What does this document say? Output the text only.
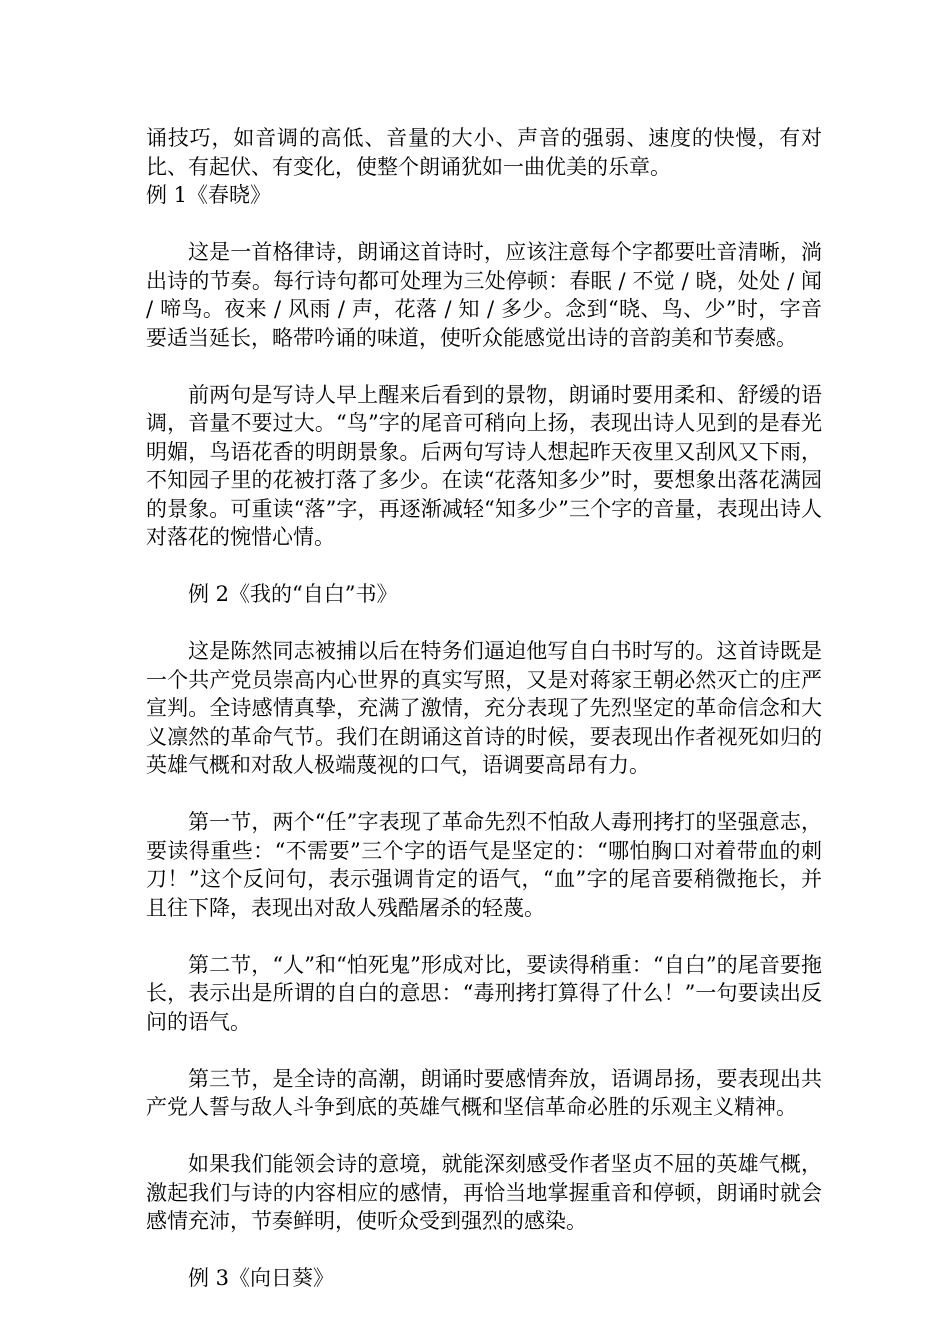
诵技巧，如音调的高低、音量的大小、声音的强弱、速度的快慢，有对比、有起伏、有变化，使整个朗诵犹如一曲优美的乐章。

例 1《春晓》

这是一首格律诗，朗诵这首诗时，应该注意每个字都要吐音清晰，淌出诗的节奏。每行诗句都可处理为三处停顿：春眠 / 不觉 / 晓，处处 / 闻 / 啼鸟。夜来 / 风雨 / 声，花落 / 知 / 多少。念到“晓、鸟、少”时，字音要适当延长，略带吟诵的味道，使听众能感觉出诗的音韵美和节奏感。

前两句是写诗人早上醒来后看到的景物，朗诵时要用柔和、舒缓的语调，音量不要过大。“鸟”字的尾音可稍向上扬，表现出诗人见到的是春光明媚，鸟语花香的明朗景象。后两句写诗人想起昨天夜里又刮风又下雨，不知园子里的花被打落了多少。在读“花落知多少”时，要想象出落花满园的景象。可重读“落”字，再逐渐减轻“知多少”三个字的音量，表现出诗人对落花的惋惜心情。

例 2《我的“自白”书》

这是陈然同志被捕以后在特务们逼迫他写自白书时写的。这首诗既是一个共产党员崇高内心世界的真实写照，又是对蒋家王朝必然灭亡的庄严宣判。全诗感情真挚，充满了激情，充分表现了先烈坚定的革命信念和大义凛然的革命气节。我们在朗诵这首诗的时候，要表现出作者视死如归的英雄气概和对敌人极端蔑视的口气，语调要高昂有力。

第一节，两个“任”字表现了革命先烈不怕敌人毒刑拷打的坚强意志，要读得重些：“不需要”三个字的语气是坚定的：“哪怕胸口对着带血的刺刀！”这个反问句，表示强调肯定的语气，“血”字的尾音要稍微拖长，并且往下降，表现出对敌人残酷屠杀的轻蔑。

第二节，“人”和“怕死鬼”形成对比，要读得稍重：“自白”的尾音要拖长，表示出是所谓的自白的意思：“毒刑拷打算得了什么！”一句要读出反问的语气。

第三节，是全诗的高潮，朗诵时要感情奔放，语调昂扬，要表现出共产党人誓与敌人斗争到底的英雄气概和坚信革命必胜的乐观主义精神。

如果我们能领会诗的意境，就能深刻感受作者坚贞不屈的英雄气概，激起我们与诗的内容相应的感情，再恰当地掌握重音和停顿，朗诵时就会感情充沛，节奏鲜明，使听众受到强烈的感染。

例 3《向日葵》
